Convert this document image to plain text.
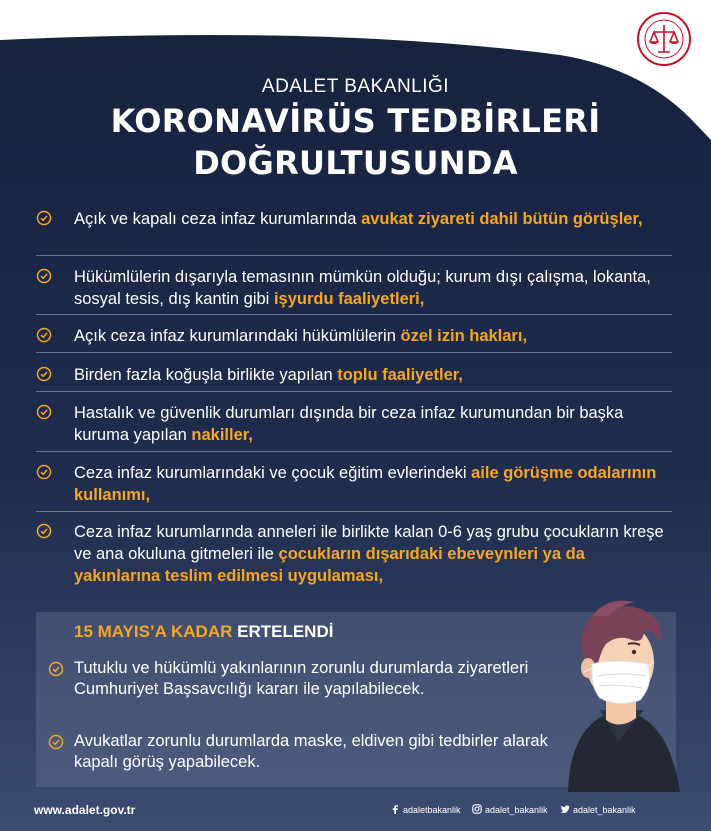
ADALET BAKANLIĞI
KORONAVİRÜS TEDBİRLERİ
DOĞRULTUSUNDA
Açık ve kapalı ceza infaz kurumlarında avukat ziyareti dahil bütün görüşler,
Hükümlülerin dışarıyla temasının mümkün olduğu; kurum dışı çalışma, lokanta, sosyal tesis, dış kantin gibi işyurdu faaliyetleri,
Açık ceza infaz kurumlarındaki hükümlülerin özel izin hakları,
Birden fazla koğuşla birlikte yapılan toplu faaliyetler,
Hastalık ve güvenlik durumları dışında bir ceza infaz kurumundan bir başka kuruma yapılan nakiller,
Ceza infaz kurumlarındaki ve çocuk eğitim evlerindeki aile görüşme odalarının kullanımı,
Ceza infaz kurumlarında anneleri ile birlikte kalan 0-6 yaş grubu çocukların kreşe ve ana okuluna gitmeleri ile çocukların dışarıdaki ebeveynleri ya da yakınlarına teslim edilmesi uygulaması,
15 MAYIS’A KADAR ERTELENDİ
Tutuklu ve hükümlü yakınlarının zorunlu durumlarda ziyaretleri Cumhuriyet Başsavcılığı kararı ile yapılabilecek.
Avukatlar zorunlu durumlarda maske, eldiven gibi tedbirler alarak kapalı görüş yapabilecek.
www.adalet.gov.tr	adaletbakanlik	adalet_bakanlik	adalet_bakanlik
